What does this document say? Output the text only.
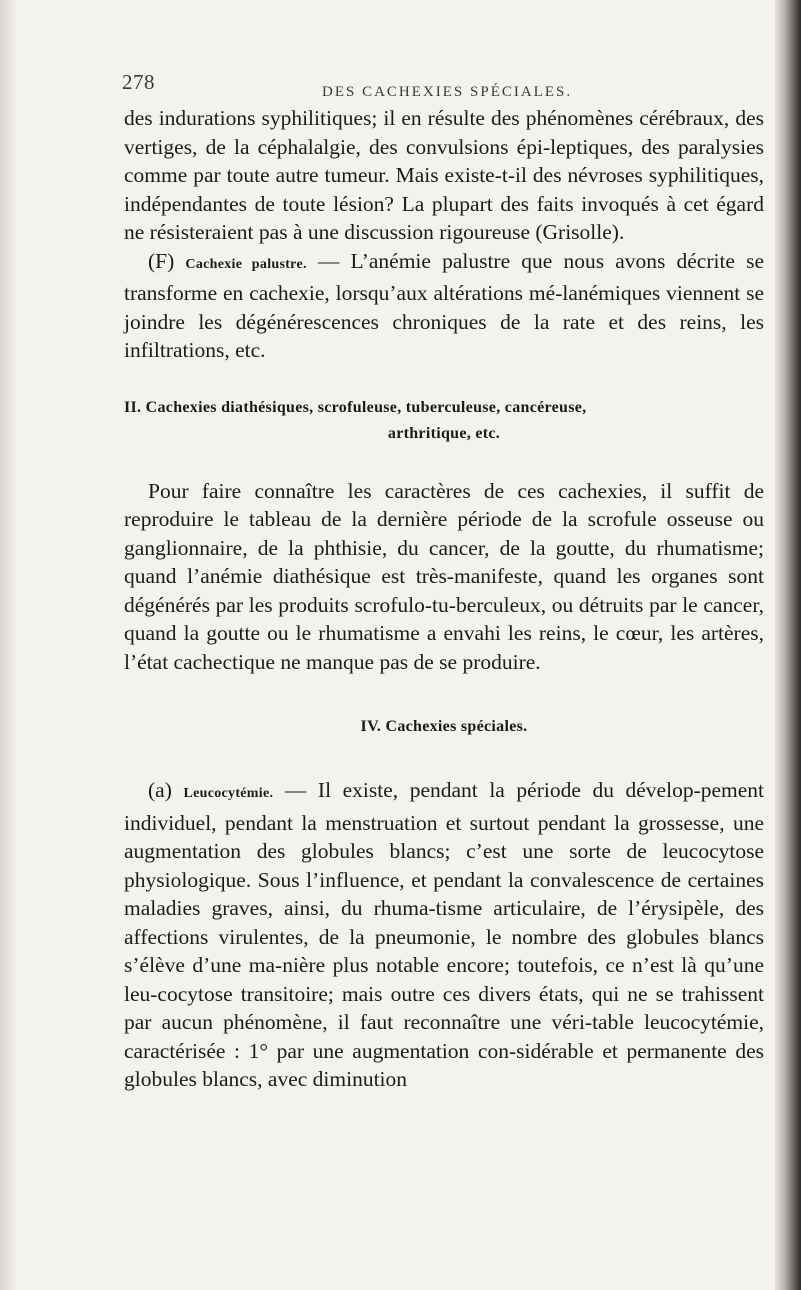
278	DES CACHEXIES SPÉCIALES.

des indurations syphilitiques; il en résulte des phénomènes cérébraux, des vertiges, de la céphalalgie, des convulsions épi-leptiques, des paralysies comme par toute autre tumeur. Mais existe-t-il des névroses syphilitiques, indépendantes de toute lésion? La plupart des faits invoqués à cet égard ne résisteraient pas à une discussion rigoureuse (Grisolle).

(F) Cachexie palustre. — L’anémie palustre que nous avons décrite se transforme en cachexie, lorsqu’aux altérations mé-lanémiques viennent se joindre les dégénérescences chroniques de la rate et des reins, les infiltrations, etc.

II. Cachexies diathésiques, scrofuleuse, tuberculeuse, cancéreuse,
arthritique, etc.

Pour faire connaître les caractères de ces cachexies, il suffit de reproduire le tableau de la dernière période de la scrofule osseuse ou ganglionnaire, de la phthisie, du cancer, de la goutte, du rhumatisme; quand l’anémie diathésique est très-manifeste, quand les organes sont dégénérés par les produits scrofulo-tu-berculeux, ou détruits par le cancer, quand la goutte ou le rhumatisme a envahi les reins, le cœur, les artères, l’état cachectique ne manque pas de se produire.

IV. Cachexies spéciales.

(a) Leucocytémie. — Il existe, pendant la période du dévelop-pement individuel, pendant la menstruation et surtout pendant la grossesse, une augmentation des globules blancs; c’est une sorte de leucocytose physiologique. Sous l’influence, et pendant la convalescence de certaines maladies graves, ainsi, du rhuma-tisme articulaire, de l’érysipèle, des affections virulentes, de la pneumonie, le nombre des globules blancs s’élève d’une ma-nière plus notable encore; toutefois, ce n’est là qu’une leu-cocytose transitoire; mais outre ces divers états, qui ne se trahissent par aucun phénomène, il faut reconnaître une véri-table leucocytémie, caractérisée : 1° par une augmentation con-sidérable et permanente des globules blancs, avec diminution
